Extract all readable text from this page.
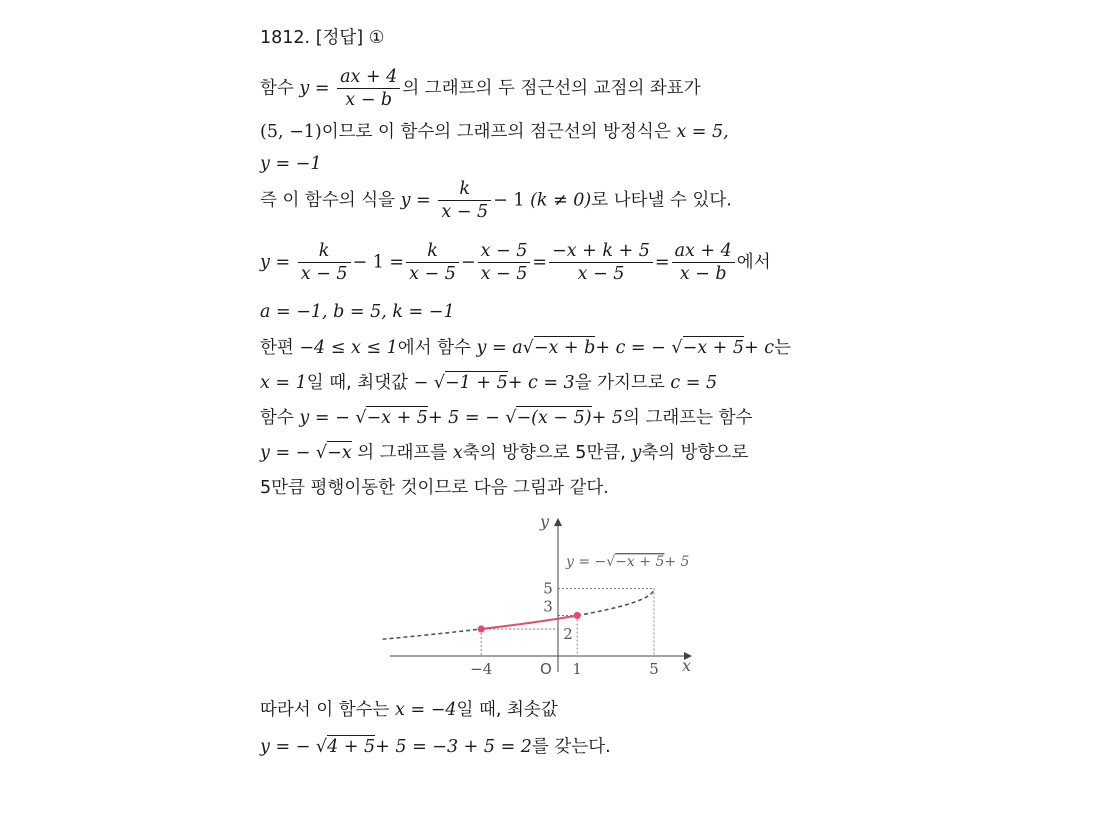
1812. [정답] ①
함수 $y = \frac{ax + 4}{x - b}$ 의 그래프의 두 점근선의 교점의 좌표가
(5, −1)이므로 이 함수의 그래프의 점근선의 방정식은 x = 5,
y = −1
즉 이 함수의 식을 $y = \frac{k}{x - 5} - 1$ (k ≠ 0)로 나타낼 수 있다.
$y = \frac{k}{x - 5} - 1 = \frac{k}{x - 5} - \frac{x - 5}{x - 5} = \frac{-x + k + 5}{x - 5} = \frac{ax + 4}{x - b}$ 에서
a = −1, b = 5, k = −1
한편 −4 ≤ x ≤ 1에서 함수 y = a√−x + b+ c = − √−x + 5+ c는
x = 1일 때, 최댓값 − √−1 + 5+ c = 3을 가지므로 c = 5
함수 y = − √−x + 5+ 5 = − √−(x − 5)+ 5의 그래프는 함수
y = − √−x 의 그래프를 x축의 방향으로 5만큼, y축의 방향으로
5만큼 평행이동한 것이므로 다음 그림과 같다.
따라서 이 함수는 x = −4일 때, 최솟값
y = − √4 + 5+ 5 = −3 + 5 = 2를 갖는다.
x
y
O
−4	1	5
5
3
2
y = −√−x + 5+ 5
